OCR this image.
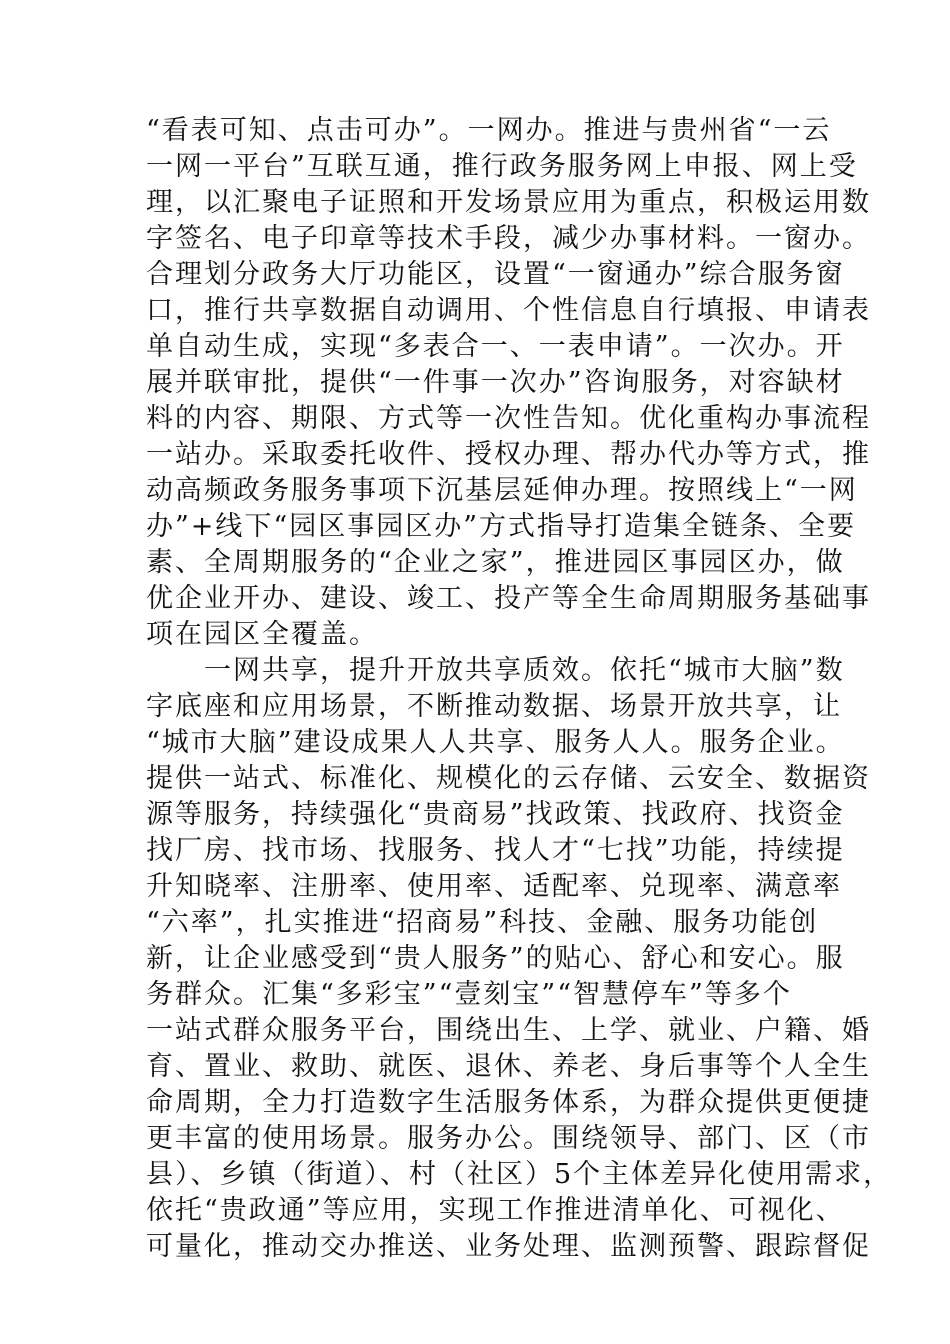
“看表可知、点击可办”。一网办。推进与贵州省“一云
一网一平台”互联互通，推行政务服务网上申报、网上受
理，以汇聚电子证照和开发场景应用为重点，积极运用数
字签名、电子印章等技术手段，减少办事材料。一窗办。
合理划分政务大厅功能区，设置“一窗通办”综合服务窗
口，推行共享数据自动调用、个性信息自行填报、申请表
单自动生成，实现“多表合一、一表申请”。一次办。开
展并联审批，提供“一件事一次办”咨询服务，对容缺材
料的内容、期限、方式等一次性告知。优化重构办事流程
一站办。采取委托收件、授权办理、帮办代办等方式，推
动高频政务服务事项下沉基层延伸办理。按照线上“一网
办”+线下“园区事园区办”方式指导打造集全链条、全要
素、全周期服务的“企业之家”，推进园区事园区办，做
优企业开办、建设、竣工、投产等全生命周期服务基础事
项在园区全覆盖。
一网共享，提升开放共享质效。依托“城市大脑”数
字底座和应用场景，不断推动数据、场景开放共享，让
“城市大脑”建设成果人人共享、服务人人。服务企业。
提供一站式、标准化、规模化的云存储、云安全、数据资
源等服务，持续强化“贵商易”找政策、找政府、找资金
找厂房、找市场、找服务、找人才“七找”功能，持续提
升知晓率、注册率、使用率、适配率、兑现率、满意率
“六率”，扎实推进“招商易”科技、金融、服务功能创
新，让企业感受到“贵人服务”的贴心、舒心和安心。服
务群众。汇集“多彩宝”“壹刻宝”“智慧停车”等多个
一站式群众服务平台，围绕出生、上学、就业、户籍、婚
育、置业、救助、就医、退休、养老、身后事等个人全生
命周期，全力打造数字生活服务体系，为群众提供更便捷
更丰富的使用场景。服务办公。围绕领导、部门、区（市
县）、乡镇（街道）、村（社区）5个主体差异化使用需求，
依托“贵政通”等应用，实现工作推进清单化、可视化、
可量化，推动交办推送、业务处理、监测预警、跟踪督促
